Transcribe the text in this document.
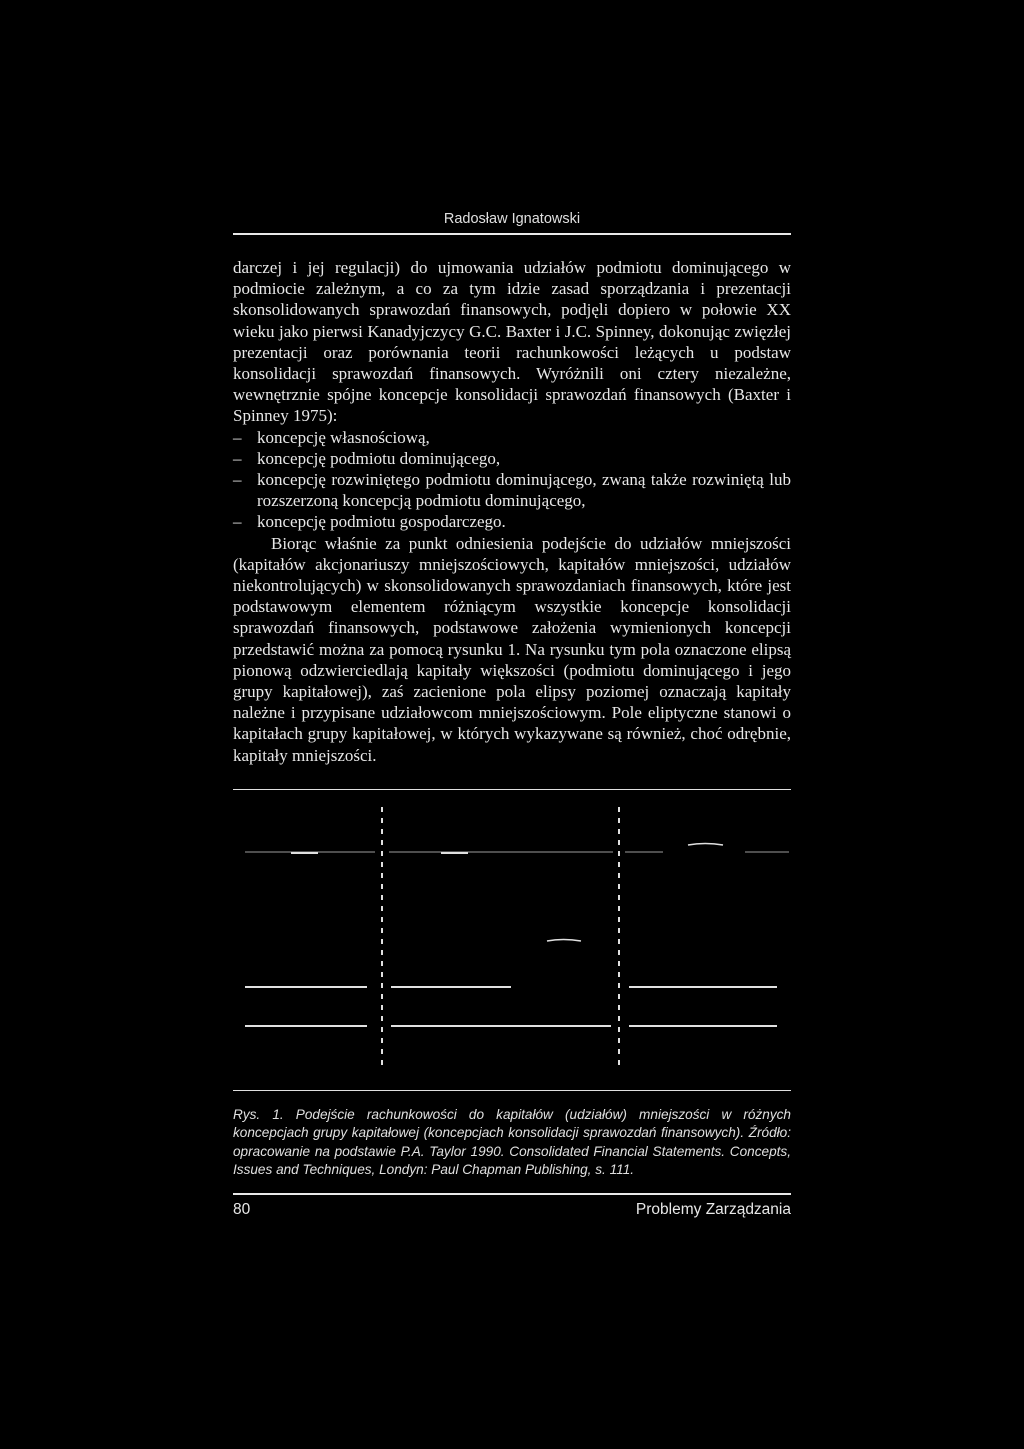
Radosław Ignatowski

darczej i jej regulacji) do ujmowania udziałów podmiotu dominującego w podmiocie zależnym, a co za tym idzie zasad sporządzania i prezentacji skonsolidowanych sprawozdań finansowych, podjęli dopiero w połowie XX wieku jako pierwsi Kanadyjczycy G.C. Baxter i J.C. Spinney, dokonując zwięzłej prezentacji oraz porównania teorii rachunkowości leżących u podstaw konsolidacji sprawozdań finansowych. Wyróżnili oni cztery niezależne, wewnętrznie spójne koncepcje konsolidacji sprawozdań finansowych (Baxter i Spinney 1975):

– koncepcję własnościową,
– koncepcję podmiotu dominującego,
– koncepcję rozwiniętego podmiotu dominującego, zwaną także rozwiniętą lub rozszerzoną koncepcją podmiotu dominującego,
– koncepcję podmiotu gospodarczego.

Biorąc właśnie za punkt odniesienia podejście do udziałów mniejszości (kapitałów akcjonariuszy mniejszościowych, kapitałów mniejszości, udziałów niekontrolujących) w skonsolidowanych sprawozdaniach finansowych, które jest podstawowym elementem różniącym wszystkie koncepcje konsolidacji sprawozdań finansowych, podstawowe założenia wymienionych koncepcji przedstawić można za pomocą rysunku 1. Na rysunku tym pola oznaczone elipsą pionową odzwierciedlają kapitały większości (podmiotu dominującego i jego grupy kapitałowej), zaś zacienione pola elipsy poziomej oznaczają kapitały należne i przypisane udziałowcom mniejszościowym. Pole eliptyczne stanowi o kapitałach grupy kapitałowej, w których wykazywane są również, choć odrębnie, kapitały mniejszości.

Rys. 1. Podejście rachunkowości do kapitałów (udziałów) mniejszości w różnych koncepcjach grupy kapitałowej (koncepcjach konsolidacji sprawozdań finansowych). Źródło: opracowanie na podstawie P.A. Taylor 1990. Consolidated Financial Statements. Concepts, Issues and Techniques, Londyn: Paul Chapman Publishing, s. 111.
80	Problemy Zarządzania
